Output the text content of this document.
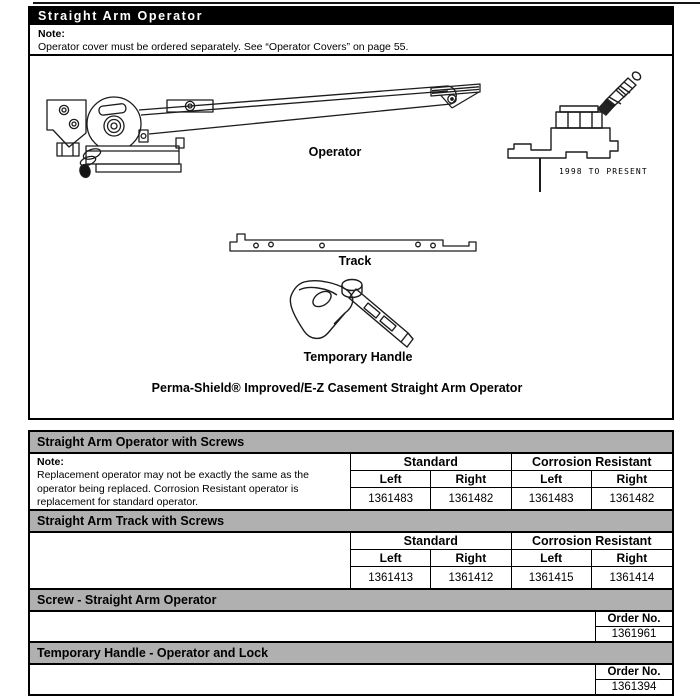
Straight Arm Operator
Note:
Operator cover must be ordered separately. See “Operator Covers” on page 55.
Operator
Track
Temporary Handle
1998 TO PRESENT
Perma-Shield® Improved/E-Z Casement Straight Arm Operator
Straight Arm Operator with Screws
Note:
Replacement operator may not be exactly the same as the operator being replaced. Corrosion Resistant operator is replacement for standard operator.
Standard	Corrosion Resistant
Left	Right	Left	Right
1361483	1361482	1361483	1361482
Straight Arm Track with Screws
Standard	Corrosion Resistant
Left	Right	Left	Right
1361413	1361412	1361415	1361414
Screw - Straight Arm Operator
Order No.
1361961
Temporary Handle - Operator and Lock
Order No.
1361394
